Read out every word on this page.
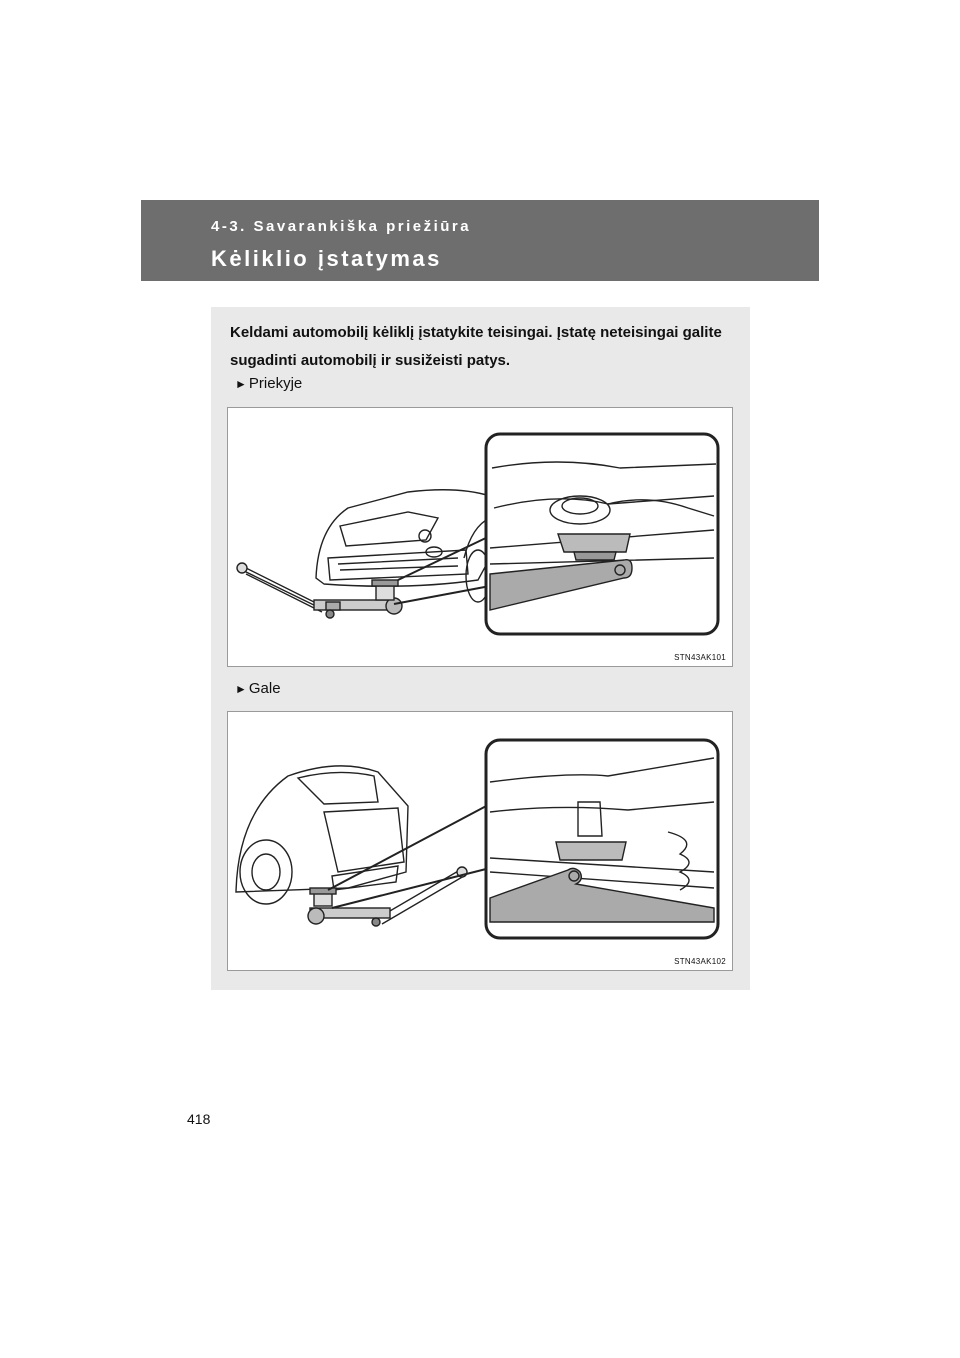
4-3. Savarankiška priežiūra
Kėliklio įstatymas

Keldami automobilį kėliklį įstatykite teisingai. Įstatę neteisingai galite sugadinti automobilį ir susižeisti patys.

► Priekyje
STN43AK101
► Gale
STN43AK102
418
